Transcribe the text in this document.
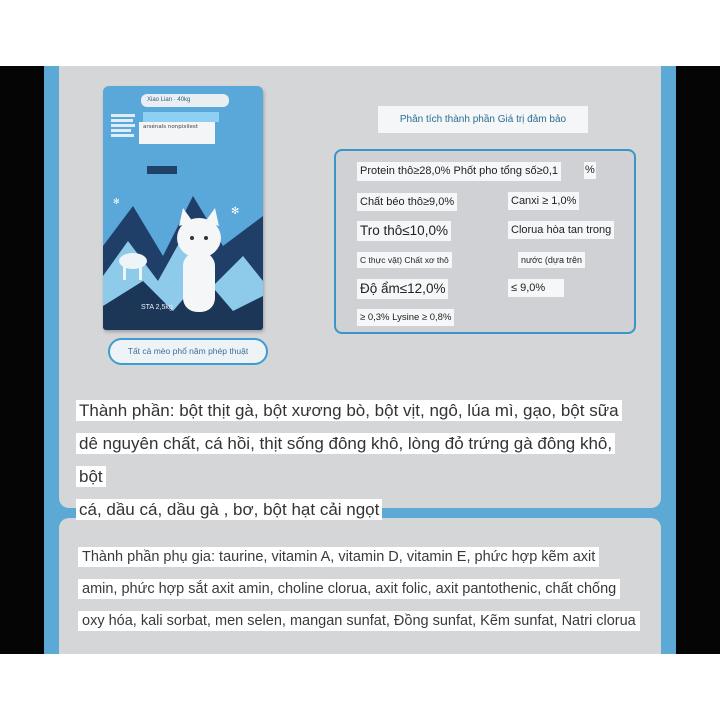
Xiao Lian · 40kg
arsénals nonpixilest
✻
✻
STA 2,5kg
Tất cả mèo phổ năm phép thuật
Phân tích thành phần Giá trị đảm bảo
Protein thô≥28,0% Phốt pho tổng số≥0,1 %
Chất béo thô≥9,0%	Canxi ≥ 1,0%
Tro thô≤10,0%	Clorua hòa tan trong
C thực vật) Chất xơ thô	nước (dựa trên
Độ ẩm≤12,0%	≤ 9,0%
≥ 0,3% Lysine ≥ 0,8%
Thành phần: bột thịt gà, bột xương bò, bột vịt, ngô, lúa mì, gạo, bột sữa
dê nguyên chất, cá hồi, thịt sống đông khô, lòng đỏ trứng gà đông khô, bột
cá, dầu cá, dầu gà , bơ, bột hạt cải ngọt
Thành phần phụ gia: taurine, vitamin A, vitamin D, vitamin E, phức hợp kẽm axit
amin, phức hợp sắt axit amin, choline clorua, axit folic, axit pantothenic, chất chống
oxy hóa, kali sorbat, men selen, mangan sunfat, Đồng sunfat, Kẽm sunfat, Natri clorua
